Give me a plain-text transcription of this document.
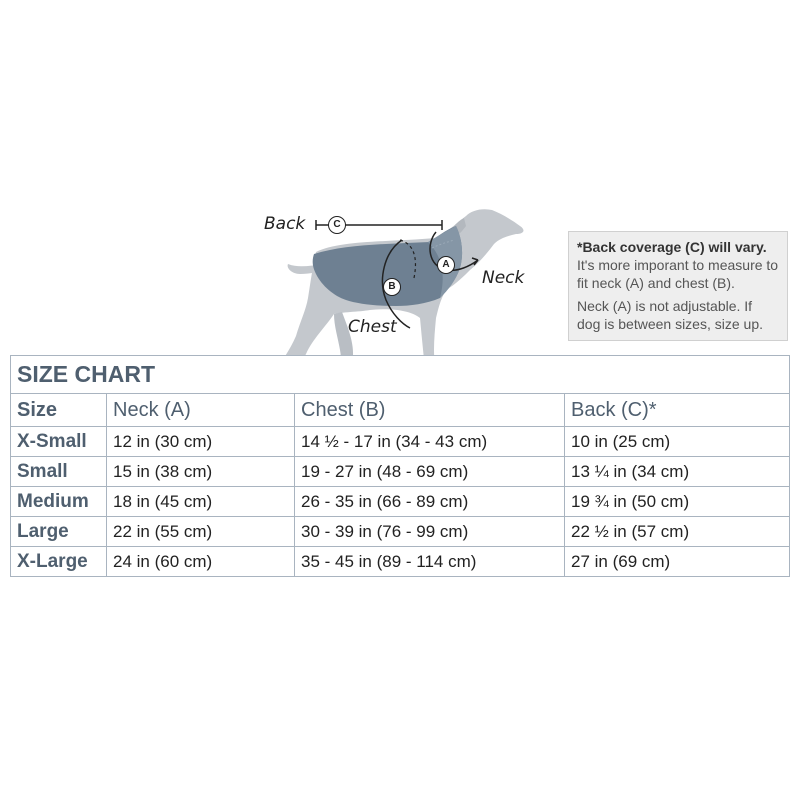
C
A
B
Back
Neck
Chest
*Back coverage (C) will vary.

It's more imporant to measure to fit neck (A) and chest (B).

Neck (A) is not adjustable. If dog is between sizes, size up.

SIZE CHART			
Size	Neck (A)	Chest (B)	Back (C)*
X-Small	12 in (30 cm)	14 ½ - 17 in (34 - 43 cm)	10 in (25 cm)
Small	15 in (38 cm)	19 - 27 in (48 - 69 cm)	13 ¼ in (34 cm)
Medium	18 in (45 cm)	26 - 35 in (66 - 89 cm)	19 ¾ in (50 cm)
Large	22 in (55 cm)	30 - 39 in (76 - 99 cm)	22 ½ in (57 cm)
X-Large	24 in (60 cm)	35 - 45 in (89 - 114 cm)	27 in (69 cm)
